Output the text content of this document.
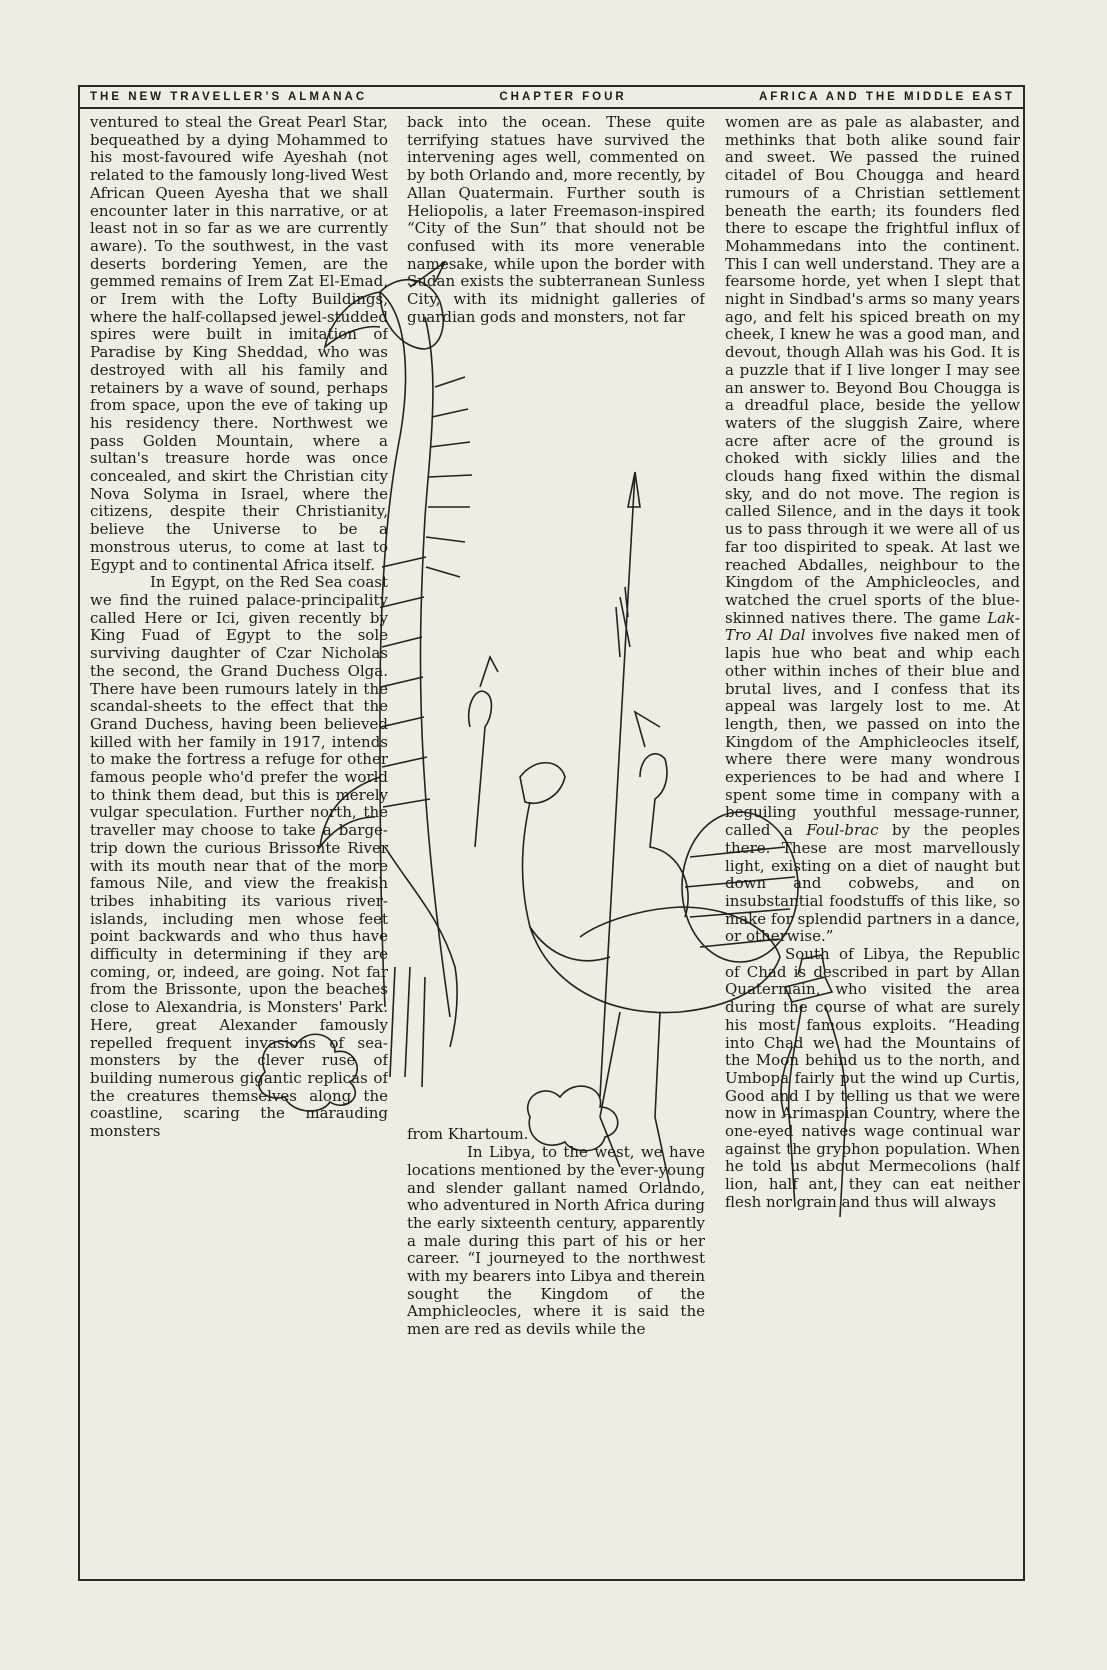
THE NEW TRAVELLER’S ALMANAC	CHAPTER FOUR	AFRICA AND THE MIDDLE EAST

ventured to steal the Great Pearl Star, bequeathed by a dying Mohammed to his most-favoured wife Ayeshah (not related to the famously long-lived West African Queen Ayesha that we shall encounter later in this narrative, or at least not in so far as we are currently aware). To the southwest, in the vast deserts bordering Yemen, are the gemmed remains of Irem Zat El-Emad, or Irem with the Lofty Buildings, where the half-collapsed jewel-studded spires were built in imitation of Paradise by King Sheddad, who was destroyed with all his family and retainers by a wave of sound, perhaps from space, upon the eve of taking up his residency there. Northwest we pass Golden Mountain, where a sultan's treasure horde was once concealed, and skirt the Christian city Nova Solyma in Israel, where the citizens, despite their Christianity, believe the Universe to be a monstrous uterus, to come at last to Egypt and to continental Africa itself.

In Egypt, on the Red Sea coast we find the ruined palace-principality called Here or Ici, given recently by King Fuad of Egypt to the sole surviving daughter of Czar Nicholas the second, the Grand Duchess Olga. There have been rumours lately in the scandal-sheets to the effect that the Grand Duchess, having been believed killed with her family in 1917, intends to make the fortress a refuge for other famous people who'd prefer the world to think them dead, but this is merely vulgar speculation. Further north, the traveller may choose to take a barge-trip down the curious Brissonte River with its mouth near that of the more famous Nile, and view the freakish tribes inhabiting its various river-islands, including men whose feet point backwards and who thus have difficulty in determining if they are coming, or, indeed, are going. Not far from the Brissonte, upon the beaches close to Alexandria, is Monsters' Park. Here, great Alexander famously repelled frequent invasions of sea-monsters by the clever ruse of building numerous gigantic replicas of the creatures themselves along the coastline, scaring the marauding monsters

back into the ocean. These quite terrifying statues have survived the intervening ages well, commented on by both Orlando and, more recently, by Allan Quatermain. Further south is Heliopolis, a later Freemason-inspired “City of the Sun” that should not be confused with its more venerable namesake, while upon the border with Sudan exists the subterranean Sunless City, with its midnight galleries of guardian gods and monsters, not far

from Khartoum.

In Libya, to the west, we have locations mentioned by the ever-young and slender gallant named Orlando, who adventured in North Africa during the early sixteenth century, apparently a male during this part of his or her career. “I journeyed to the northwest with my bearers into Libya and therein sought the Kingdom of the Amphicleocles, where it is said the men are red as devils while the

women are as pale as alabaster, and methinks that both alike sound fair and sweet. We passed the ruined citadel of Bou Chougga and heard rumours of a Christian settlement beneath the earth; its founders fled there to escape the frightful influx of Mohammedans into the continent. This I can well understand. They are a fearsome horde, yet when I slept that night in Sindbad's arms so many years ago, and felt his spiced breath on my cheek, I knew he was a good man, and devout, though Allah was his God. It is a puzzle that if I live longer I may see an answer to. Beyond Bou Chougga is a dreadful place, beside the yellow waters of the sluggish Zaire, where acre after acre of the ground is choked with sickly lilies and the clouds hang fixed within the dismal sky, and do not move. The region is called Silence, and in the days it took us to pass through it we were all of us far too dispirited to speak. At last we reached Abdalles, neighbour to the Kingdom of the Amphicleocles, and watched the cruel sports of the blue-skinned natives there. The game Lak-Tro Al Dal involves five naked men of lapis hue who beat and whip each other within inches of their blue and brutal lives, and I confess that its appeal was largely lost to me. At length, then, we passed on into the Kingdom of the Amphicleocles itself, where there were many wondrous experiences to be had and where I spent some time in company with a beguiling youthful message-runner, called a Foul-brac by the peoples there. These are most marvellously light, existing on a diet of naught but down and cobwebs, and on insubstantial foodstuffs of this like, so make for splendid partners in a dance, or otherwise.”

South of Libya, the Republic of Chad is described in part by Allan Quatermain, who visited the area during the course of what are surely his most famous exploits. “Heading into Chad we had the Mountains of the Moon behind us to the north, and Umbopa fairly put the wind up Curtis, Good and I by telling us that we were now in Arimaspian Country, where the one-eyed natives wage continual war against the gryphon population. When he told us about Mermecolions (half lion, half ant, they can eat neither flesh nor grain and thus will always
